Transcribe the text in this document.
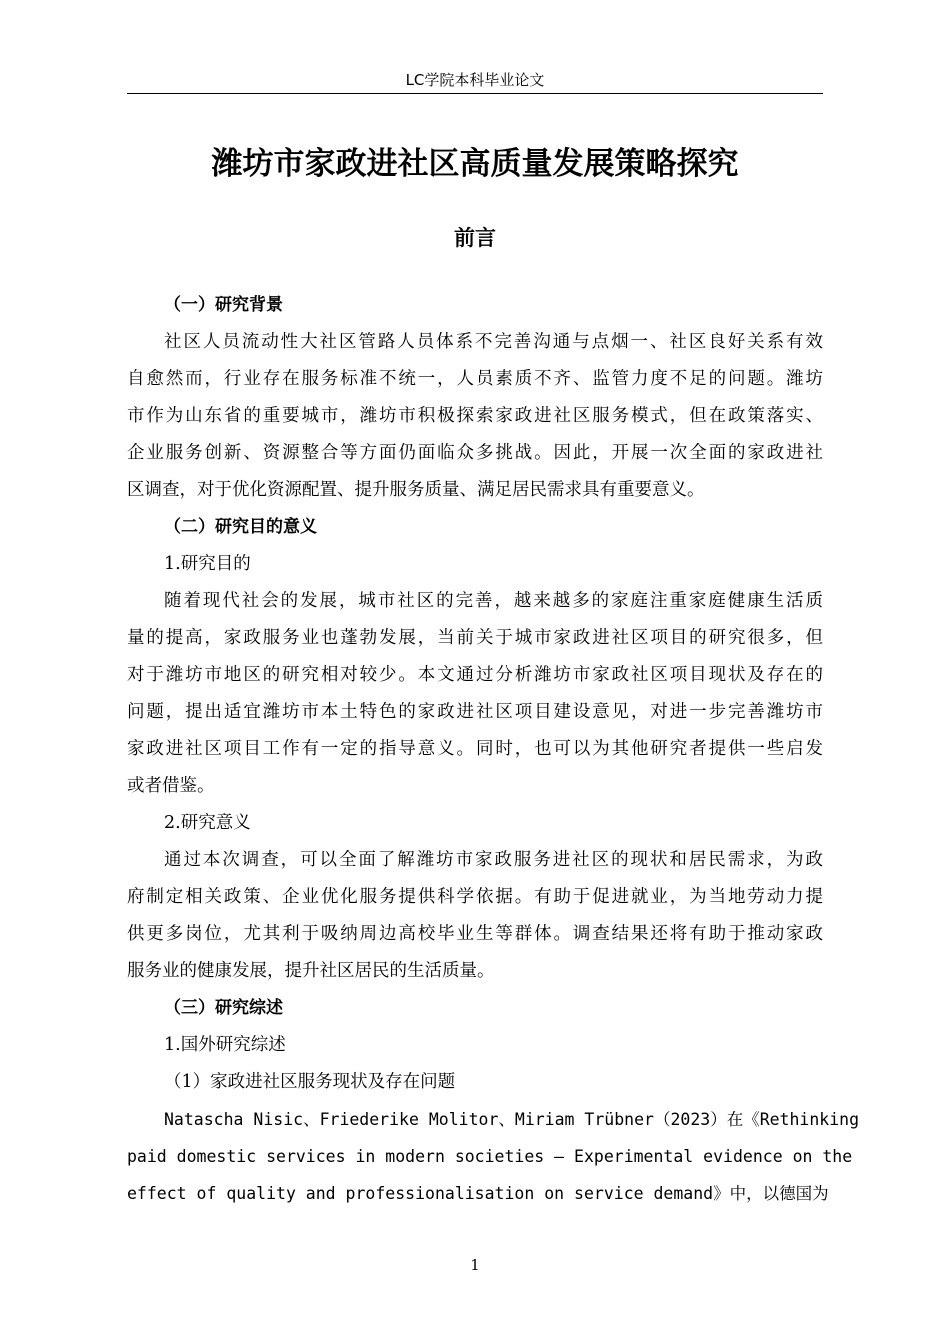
LC学院本科毕业论文
潍坊市家政进社区高质量发展策略探究
前言
（一）研究背景
社区人员流动性大社区管路人员体系不完善沟通与点烟一、社区良好关系有效
自愈然而，行业存在服务标准不统一，人员素质不齐、监管力度不足的问题。潍坊
市作为山东省的重要城市，潍坊市积极探索家政进社区服务模式，但在政策落实、
企业服务创新、资源整合等方面仍面临众多挑战。因此，开展一次全面的家政进社
区调查，对于优化资源配置、提升服务质量、满足居民需求具有重要意义。
（二）研究目的意义
1.研究目的
随着现代社会的发展，城市社区的完善，越来越多的家庭注重家庭健康生活质
量的提高，家政服务业也蓬勃发展，当前关于城市家政进社区项目的研究很多，但
对于潍坊市地区的研究相对较少。本文通过分析潍坊市家政社区项目现状及存在的
问题，提出适宜潍坊市本土特色的家政进社区项目建设意见，对进一步完善潍坊市
家政进社区项目工作有一定的指导意义。同时，也可以为其他研究者提供一些启发
或者借鉴。
2.研究意义
通过本次调查，可以全面了解潍坊市家政服务进社区的现状和居民需求，为政
府制定相关政策、企业优化服务提供科学依据。有助于促进就业，为当地劳动力提
供更多岗位，尤其利于吸纳周边高校毕业生等群体。调查结果还将有助于推动家政
服务业的健康发展，提升社区居民的生活质量。
（三）研究综述
1.国外研究综述
（1）家政进社区服务现状及存在问题
Natascha Nisic、Friederike Molitor、Miriam Trübner（2023）在《Rethinking
paid domestic services in modern societies – Experimental evidence on the
effect of quality and professionalisation on service demand》中，以德国为
1
